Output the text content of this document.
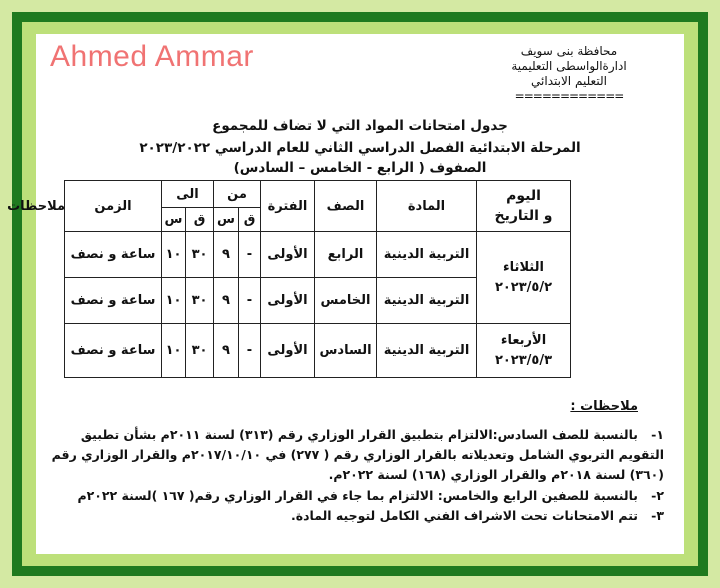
Ahmed Ammar	محافظة بنى سويف
ادارةالواسطى التعليمية
التعليم الابتدائي
============
جدول امتحانات المواد التي لا تضاف للمجموع
المرحلة الابتدائية الفصل الدراسي الثاني للعام الدراسي ٢٠٢٣/٢٠٢٢
الصفوف ( الرابع - الخامس – السادس)
اليوم
و التاريخ	المادة	الصف	الفترة	من		الى		الزمن	ملاحظات
				ق	س	ق	س		

الثلاثاء
٢٠٢٣/٥/٢	التربية الدينية	الرابع	الأولى	-	٩	٣٠	١٠	ساعة و نصف	
	التربية الدينية	الخامس	الأولى	-	٩	٣٠	١٠	ساعة و نصف	

الأربعاء
٢٠٢٣/٥/٣	التربية الدينية	السادس	الأولى	-	٩	٣٠	١٠	ساعة و نصف	
ملاحظات :
١-بالنسبة للصف السادس:الالتزام بتطبيق القرار الوزاري رقم (٣١٣) لسنة ٢٠١١م بشأن تطبيق
التقويم التربوي الشامل وتعديلاته بالقرار الوزاري رقم ( ٢٧٧) في ٢٠١٧/١٠/١٠م والقرار الوزاري رقم
(٣٦٠) لسنة ٢٠١٨م والقرار الوزاري (١٦٨) لسنة ٢٠٢٢م.
٢-بالنسبة للصفين الرابع والخامس: الالتزام بما جاء في القرار الوزاري رقم( ١٦٧ )لسنة ٢٠٢٢م
٣-تتم الامتحانات تحت الاشراف الفني الكامل لتوجيه المادة.
